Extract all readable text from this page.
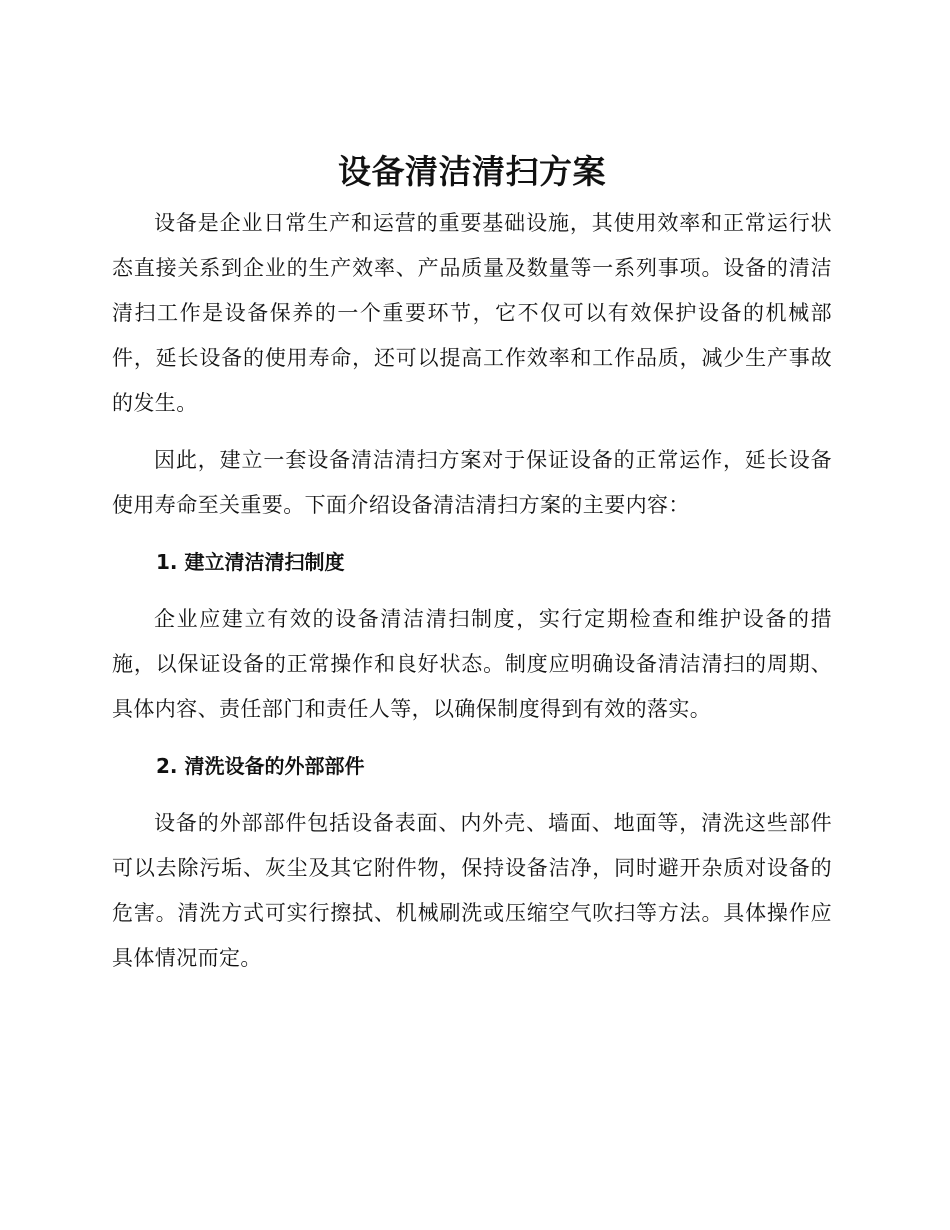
设备清洁清扫方案

设备是企业日常生产和运营的重要基础设施，其使用效率和正常运行状态直接关系到企业的生产效率、产品质量及数量等一系列事项。设备的清洁清扫工作是设备保养的一个重要环节，它不仅可以有效保护设备的机械部件，延长设备的使用寿命，还可以提高工作效率和工作品质，减少生产事故的发生。

因此，建立一套设备清洁清扫方案对于保证设备的正常运作，延长设备使用寿命至关重要。下面介绍设备清洁清扫方案的主要内容：

1. 建立清洁清扫制度

企业应建立有效的设备清洁清扫制度，实行定期检查和维护设备的措施，以保证设备的正常操作和良好状态。制度应明确设备清洁清扫的周期、具体内容、责任部门和责任人等，以确保制度得到有效的落实。

2. 清洗设备的外部部件

设备的外部部件包括设备表面、内外壳、墙面、地面等，清洗这些部件可以去除污垢、灰尘及其它附件物，保持设备洁净，同时避开杂质对设备的危害。清洗方式可实行擦拭、机械刷洗或压缩空气吹扫等方法。具体操作应具体情况而定。
